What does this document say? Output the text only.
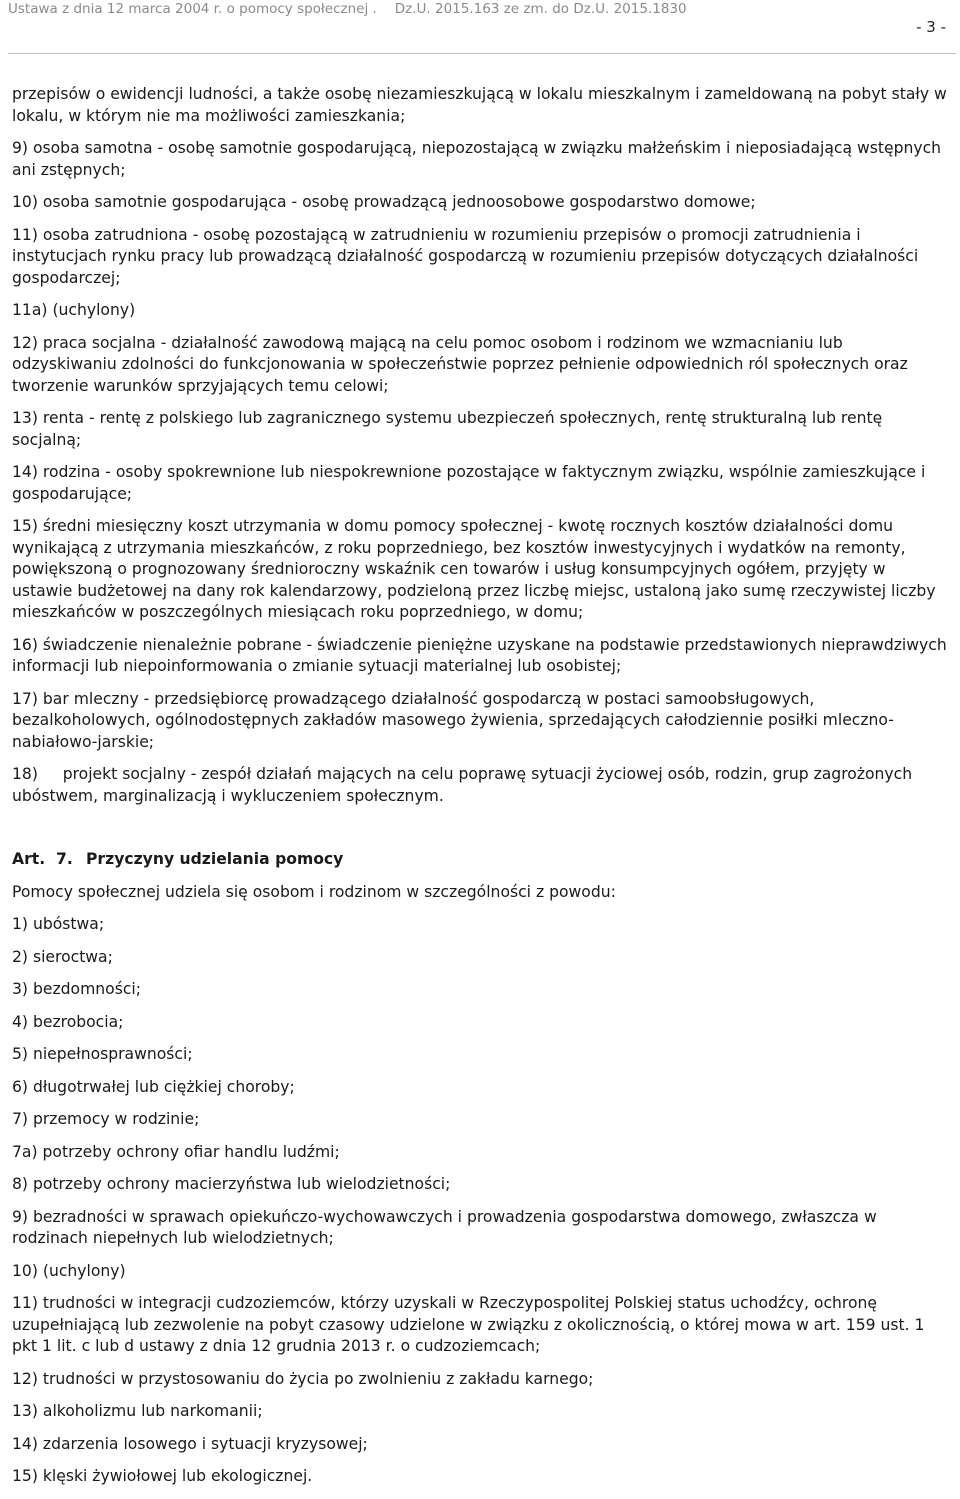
Ustawa z dnia 12 marca 2004 r. o pomocy społecznej . Dz.U. 2015.163 ze zm. do Dz.U. 2015.1830
- 3 -

przepisów o ewidencji ludności, a także osobę niezamieszkującą w lokalu mieszkalnym i zameldowaną na pobyt stały w lokalu, w którym nie ma możliwości zamieszkania;

9) osoba samotna - osobę samotnie gospodarującą, niepozostającą w związku małżeńskim i nieposiadającą wstępnych ani zstępnych;

10) osoba samotnie gospodarująca - osobę prowadzącą jednoosobowe gospodarstwo domowe;

11) osoba zatrudniona - osobę pozostającą w zatrudnieniu w rozumieniu przepisów o promocji zatrudnienia i instytucjach rynku pracy lub prowadzącą działalność gospodarczą w rozumieniu przepisów dotyczących działalności gospodarczej;

11a) (uchylony)

12) praca socjalna - działalność zawodową mającą na celu pomoc osobom i rodzinom we wzmacnianiu lub odzyskiwaniu zdolności do funkcjonowania w społeczeństwie poprzez pełnienie odpowiednich ról społecznych oraz tworzenie warunków sprzyjających temu celowi;

13) renta - rentę z polskiego lub zagranicznego systemu ubezpieczeń społecznych, rentę strukturalną lub rentę socjalną;

14) rodzina - osoby spokrewnione lub niespokrewnione pozostające w faktycznym związku, wspólnie zamieszkujące i gospodarujące;

15) średni miesięczny koszt utrzymania w domu pomocy społecznej - kwotę rocznych kosztów działalności domu wynikającą z utrzymania mieszkańców, z roku poprzedniego, bez kosztów inwestycyjnych i wydatków na remonty, powiększoną o prognozowany średnioroczny wskaźnik cen towarów i usług konsumpcyjnych ogółem, przyjęty w ustawie budżetowej na dany rok kalendarzowy, podzieloną przez liczbę miejsc, ustaloną jako sumę rzeczywistej liczby mieszkańców w poszczególnych miesiącach roku poprzedniego, w domu;

16) świadczenie nienależnie pobrane - świadczenie pieniężne uzyskane na podstawie przedstawionych nieprawdziwych informacji lub niepoinformowania o zmianie sytuacji materialnej lub osobistej;

17) bar mleczny - przedsiębiorcę prowadzącego działalność gospodarczą w postaci samoobsługowych, bezalkoholowych, ogólnodostępnych zakładów masowego żywienia, sprzedających całodziennie posiłki mleczno-nabiałowo-jarskie;

18)     projekt socjalny - zespół działań mających na celu poprawę sytuacji życiowej osób, rodzin, grup zagrożonych ubóstwem, marginalizacją i wykluczeniem społecznym.

Art.  7. Przyczyny udzielania pomocy

Pomocy społecznej udziela się osobom i rodzinom w szczególności z powodu:

1) ubóstwa;

2) sieroctwa;

3) bezdomności;

4) bezrobocia;

5) niepełnosprawności;

6) długotrwałej lub ciężkiej choroby;

7) przemocy w rodzinie;

7a) potrzeby ochrony ofiar handlu ludźmi;

8) potrzeby ochrony macierzyństwa lub wielodzietności;

9) bezradności w sprawach opiekuńczo-wychowawczych i prowadzenia gospodarstwa domowego, zwłaszcza w rodzinach niepełnych lub wielodzietnych;

10) (uchylony)

11) trudności w integracji cudzoziemców, którzy uzyskali w Rzeczypospolitej Polskiej status uchodźcy, ochronę uzupełniającą lub zezwolenie na pobyt czasowy udzielone w związku z okolicznością, o której mowa w art. 159 ust. 1 pkt 1 lit. c lub d ustawy z dnia 12 grudnia 2013 r. o cudzoziemcach;

12) trudności w przystosowaniu do życia po zwolnieniu z zakładu karnego;

13) alkoholizmu lub narkomanii;

14) zdarzenia losowego i sytuacji kryzysowej;

15) klęski żywiołowej lub ekologicznej.
